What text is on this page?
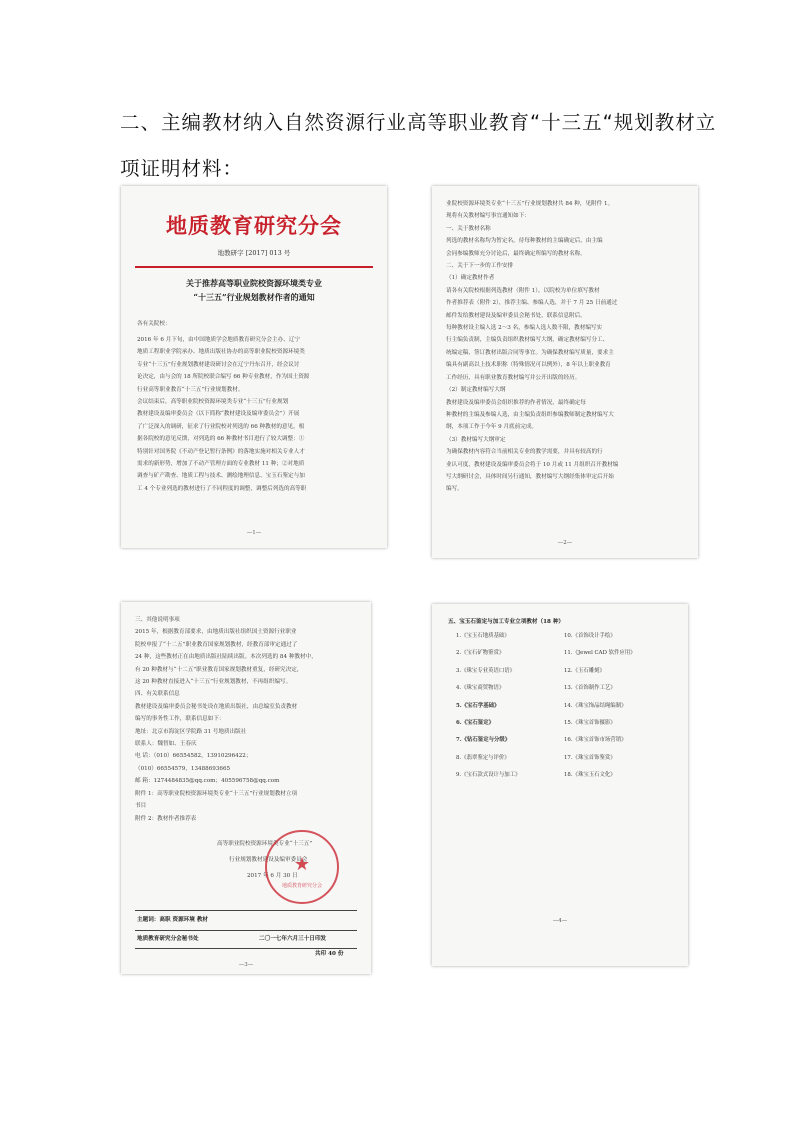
二、主编教材纳入自然资源行业高等职业教育“十三五“规划教材立
项证明材料：
地质教育研究分会
地教研字 [2017] 013 号
关于推荐高等职业院校资源环境类专业
“十三五”行业规划教材作者的通知
各有关院校：
2016 年 6 月下旬，由中国地质学会地质教育研究分会主办、辽宁
地质工程职业学院承办、地质出版社协办的高等职业院校资源环境类
专业“十三五”行业规划教材建设研讨会在辽宁丹东召开，经会议讨
论决定，由与会的 18 所院校联合编写 66 种专业教材，作为国土资源
行业高等职业教育“十三五”行业规划教材。
会议结束后，高等职业院校资源环境类专业“十三五”行业规划
教材建设及编审委员会（以下简称“教材建设及编审委员会”）开展
了广泛深入的调研，征求了行业院校对列选的 66 种教材的意见，根
据各院校的意见反馈，对列选的 66 种教材书目进行了较大调整：①
特别针对国务院《不动产登记暂行条例》的落地实施对相关专业人才
需求的新形势，增加了不动产管理方面的专业教材 11 种；②对地质
调查与矿产勘查、地质工程与技术、测绘地理信息、宝玉石鉴定与加
工 4 个专业列选的教材进行了不同程度的调整，调整后列选的高等职
—1—
业院校资源环境类专业“十三五”行业规划教材共 84 种，见附件 1。
现将有关教材编写事宜通知如下：
一、关于教材名称
列选的教材名称均为暂定名，待每种教材的主编确定后，由主编
会同参编教师充分讨论后，最终确定所编写的教材名称。
二、关于下一步的工作安排
（1）确定教材作者
请各有关院校根据列选教材（附件 1），以院校为单位填写教材
作者推荐表（附件 2），推荐主编、参编人选，并于 7 月 25 日前通过
邮件发给教材建设及编审委员会秘书处，联系信息附后。
每种教材设主编人选 2～3 名，参编人选人数不限，教材编写实
行主编负责制，主编负责组织教材编写大纲，确定教材编写分工、
统编定稿，签订教材出版合同等事宜。为确保教材编写质量，要求主
编具有副高以上技术职称（特殊情况可以例外），8 年以上职业教育
工作经历，具有职业教育教材编写并公开出版的经历。
（2）制定教材编写大纲
教材建设及编审委员会组织推荐的作者情况，最终确定每
种教材的主编及参编人选，由主编负责组织参编教师制定教材编写大
纲，本项工作于今年 9 月底前完成。
（3）教材编写大纲审定
为确保教材内容符合当前相关专业的教学需要，并具有较高的行
业认可度，教材建设及编审委员会将于 10 月或 11 月组织召开教材编
写大纲研讨会，具体时间另行通知，教材编写大纲经集体审定后开始
编写。
—2—
三、其他说明事项
2015 年，根据教育部要求，由地质出版社组织国土资源行业职业
院校申报了“十二五”职业教育国家规划教材，经教育部审定通过了
24 种，这些教材正在由地质出版社陆续出版。本次列选的 84 种教材中，
有 20 种教材与“十二五”职业教育国家规划教材重复，经研究决定，
这 20 种教材直接进入“十三五”行业规划教材，不再组织编写。
四、有关联系信息
教材建设及编审委员会秘书处设在地质出版社，由总编室负责教材
编写的事务性工作，联系信息如下：
地址：北京市海淀区学院路 31 号地质出版社
联系人：魏智如、王春庆
电 话：（010）66554582，13910296422；
（010）66554579，13488693665
邮 箱：1274484835@qq.com；405596758@qq.com
附件 1：高等职业院校资源环境类专业“十三五”行业规划教材立项
书目
附件 2：教材作者推荐表
高等职业院校资源环境类专业“十三五”
行业规划教材建设及编审委员会
2017 年 6 月 30 日
★
地质教育研究分会
主题词：高职 资源环境 教材
地质教育研究分会秘书处	二〇一七年六月三十日印发
共印 40 份
—3—
五、宝玉石鉴定与加工专业立项教材（18 种）
1.《宝玉石地质基础》
2.《宝石矿物鉴赏》
3.《珠宝专业英语口语》
4.《珠宝商贸物语》
5.《宝石学基础》
6.《宝石鉴定》
7.《钻石鉴定与分级》
8.《翡翠鉴定与评价》
9.《宝石款式设计与加工》
10.《首饰设计手绘》
11.《Jewel CAD 软件应用》
12.《玉石雕刻》
13.《首饰制作工艺》
14.《珠宝饰品结绳编制》
15.《珠宝首饰摄影》
16.《珠宝首饰市场营销》
17.《珠宝首饰鉴赏》
18.《珠宝玉石文化》
—4—
